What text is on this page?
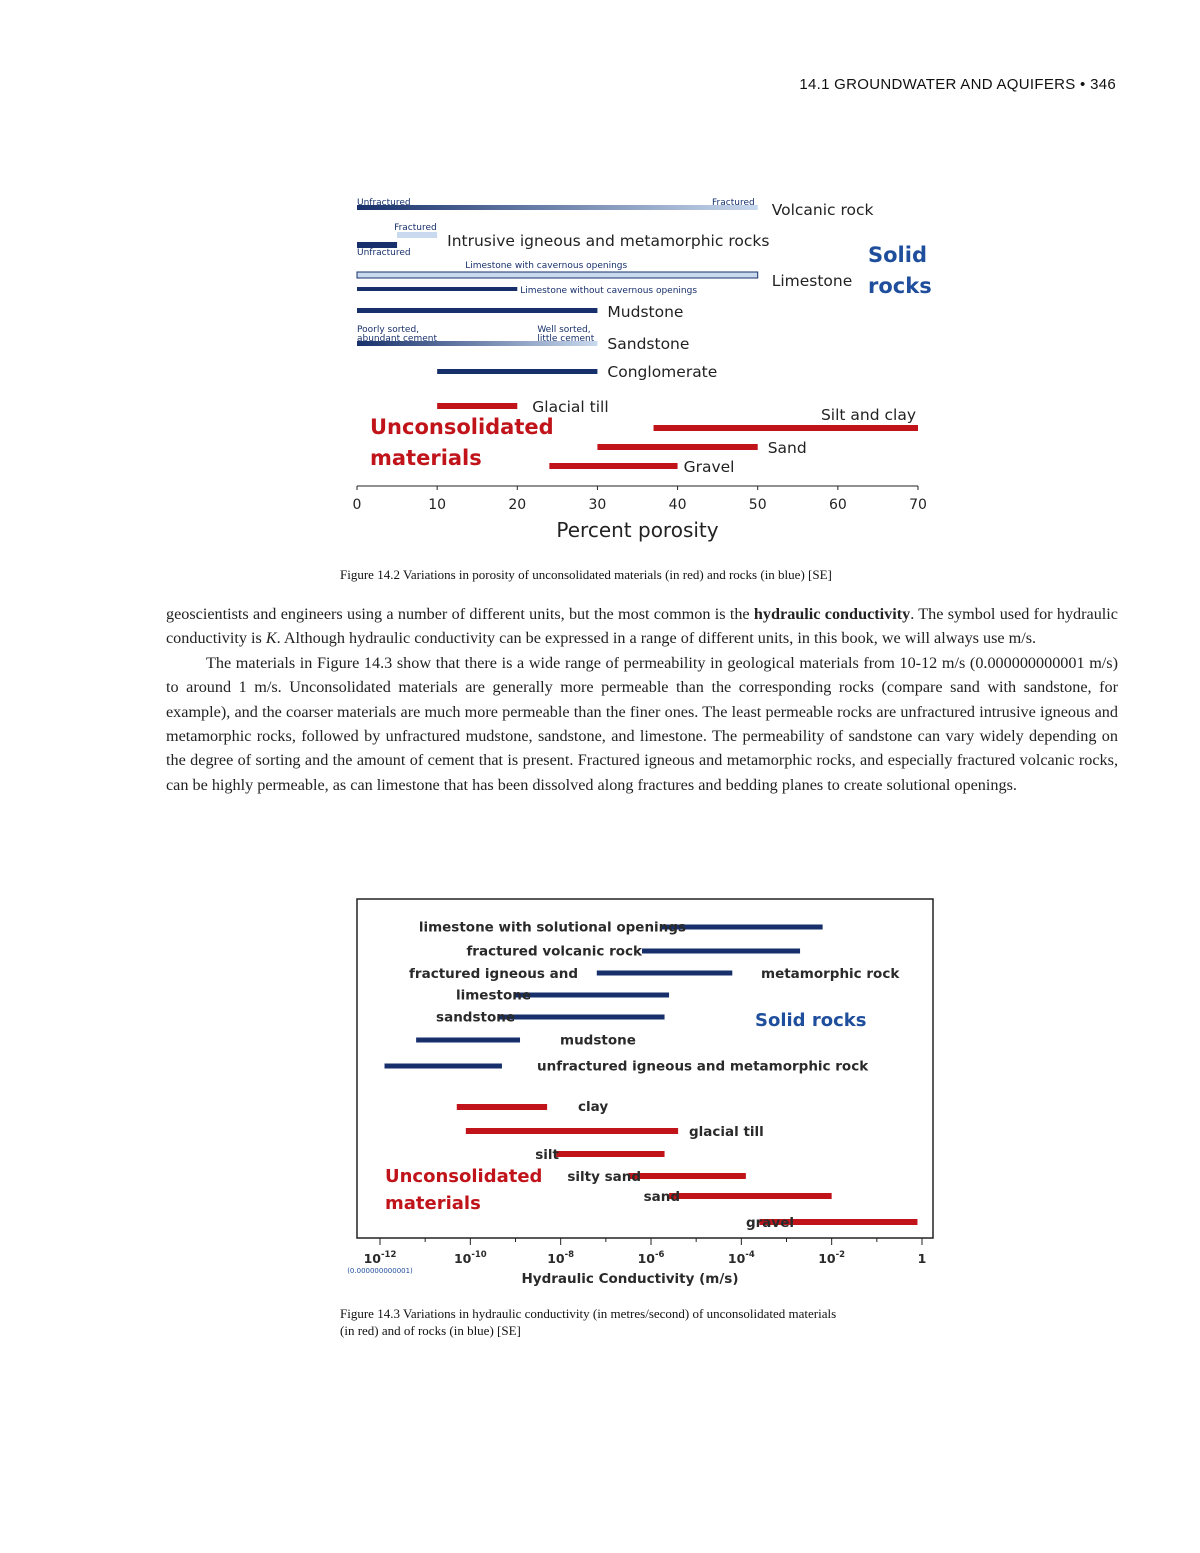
14.1 GROUNDWATER AND AQUIFERS • 346
Volcanic rock
Intrusive igneous and metamorphic rocks
Limestone
Mudstone
Sandstone
Conglomerate
Unfractured	Fractured
Fractured
Unfractured
Limestone with cavernous openings
Limestone without cavernous openings
Poorly sorted,
abundant cement
Well sorted,
little cement
Glacial till	Silt and clay
Sand
Gravel
Solid
rocks
Unconsolidated
materials
0	10	20	30	40	50	60	70
Percent porosity
Figure 14.2 Variations in porosity of unconsolidated materials (in red) and rocks (in blue) [SE]

geoscientists and engineers using a number of different units, but the most common is the hydraulic conductivity. The symbol used for hydraulic conductivity is K. Although hydraulic conductivity can be expressed in a range of different units, in this book, we will always use m/s.

The materials in Figure 14.3 show that there is a wide range of permeability in geological materials from 10-12 m/s (0.000000000001 m/s) to around 1 m/s. Unconsolidated materials are generally more permeable than the corresponding rocks (compare sand with sandstone, for example), and the coarser materials are much more permeable than the finer ones. The least permeable rocks are unfractured intrusive igneous and metamorphic rocks, followed by unfractured mudstone, sandstone, and limestone. The permeability of sandstone can vary widely depending on the degree of sorting and the amount of cement that is present. Fractured igneous and metamorphic rocks, and especially fractured volcanic rocks, can be highly permeable, as can limestone that has been dissolved along fractures and bedding planes to create solutional openings.

limestone with solutional openings
fractured volcanic rock
limestone
sandstone
mudstone
unfractured igneous and metamorphic rock
fractured igneous and	metamorphic rock
clay
glacial till
silt
silty sand
sand
gravel
Solid rocks
Unconsolidated
materials
$10^{-12}$	$10^{-10}$	$10^{-8}$	$10^{-6}$	$10^{-4}$	$10^{-2}$	1
(0.000000000001)	Hydraulic Conductivity (m/s)
Figure 14.3 Variations in hydraulic conductivity (in metres/second) of unconsolidated materials
(in red) and of rocks (in blue) [SE]
